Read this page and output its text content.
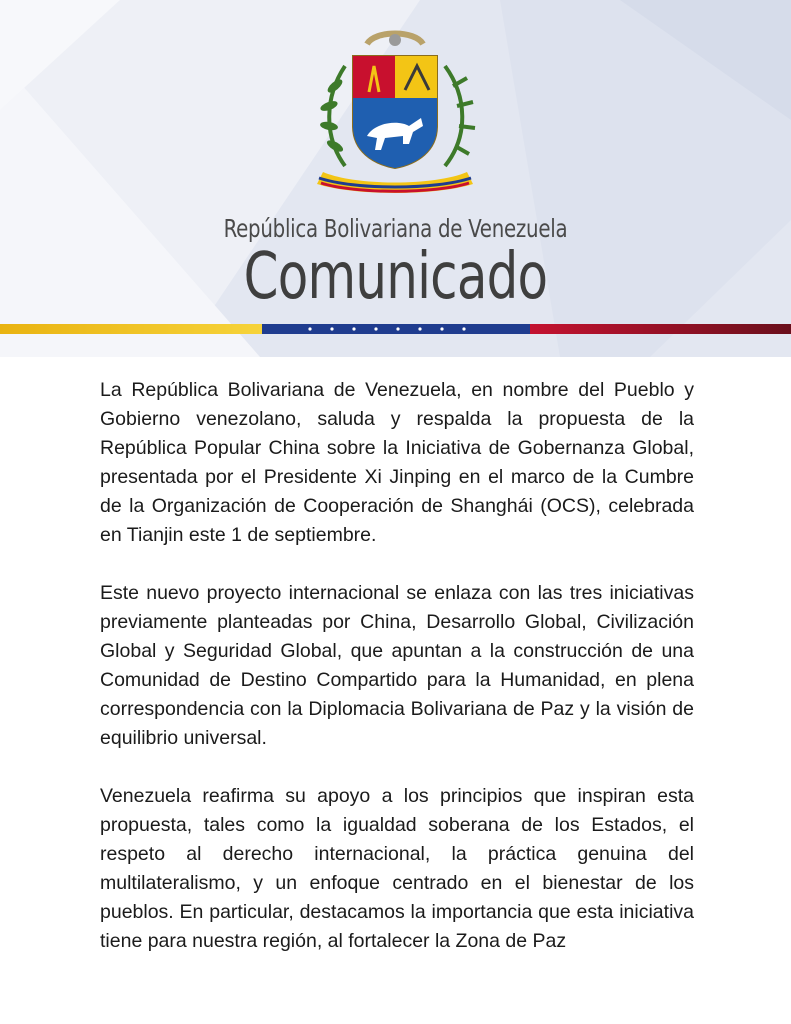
República Bolivariana de Venezuela
Comunicado

La República Bolivariana de Venezuela, en nombre del Pueblo y Gobierno venezolano, saluda y respalda la propuesta de la República Popular China sobre la Iniciativa de Gobernanza Global, presentada por el Presidente Xi Jinping en el marco de la Cumbre de la Organización de Cooperación de Shanghái (OCS), celebrada en Tianjin este 1 de septiembre.

Este nuevo proyecto internacional se enlaza con las tres iniciativas previamente planteadas por China, Desarrollo Global, Civilización Global y Seguridad Global, que apuntan a la construcción de una Comunidad de Destino Compartido para la Humanidad, en plena correspondencia con la Diplomacia Bolivariana de Paz y la visión de equilibrio universal.

Venezuela reafirma su apoyo a los principios que inspiran esta propuesta, tales como la igualdad soberana de los Estados, el respeto al derecho internacional, la práctica genuina del multilateralismo, y un enfoque centrado en el bienestar de los pueblos. En particular, destacamos la importancia que esta iniciativa tiene para nuestra región, al fortalecer la Zona de Paz
